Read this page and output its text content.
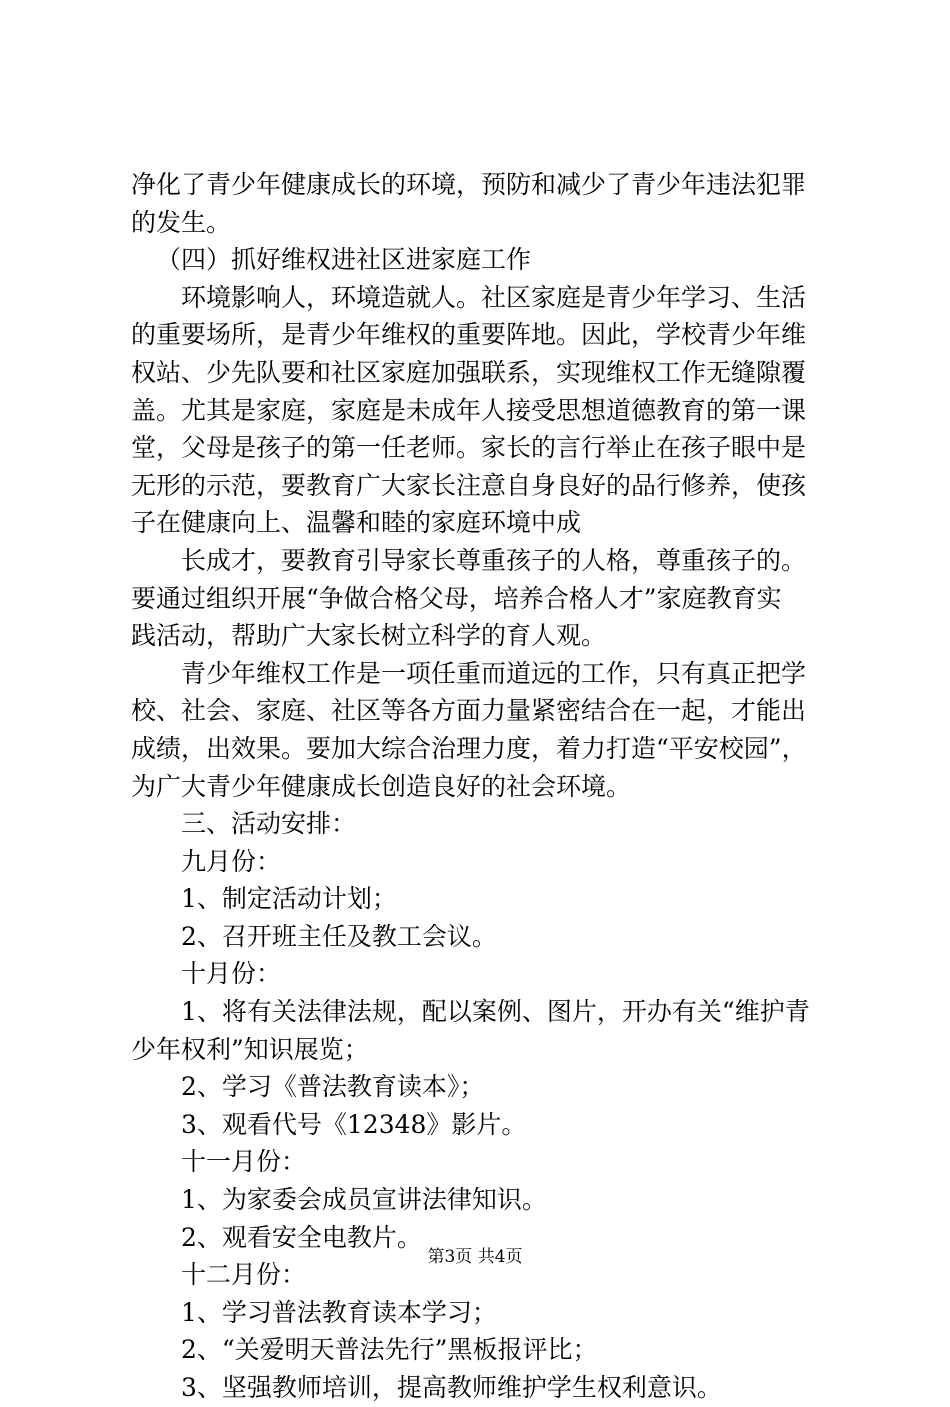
净化了青少年健康成长的环境，预防和减少了青少年违法犯罪
的发生。
（四）抓好维权进社区进家庭工作
环境影响人，环境造就人。社区家庭是青少年学习、生活
的重要场所，是青少年维权的重要阵地。因此，学校青少年维
权站、少先队要和社区家庭加强联系，实现维权工作无缝隙覆
盖。尤其是家庭，家庭是未成年人接受思想道德教育的第一课
堂，父母是孩子的第一任老师。家长的言行举止在孩子眼中是
无形的示范，要教育广大家长注意自身良好的品行修养，使孩
子在健康向上、温馨和睦的家庭环境中成
长成才，要教育引导家长尊重孩子的人格，尊重孩子的。
要通过组织开展“争做合格父母，培养合格人才”家庭教育实
践活动，帮助广大家长树立科学的育人观。
青少年维权工作是一项任重而道远的工作，只有真正把学
校、社会、家庭、社区等各方面力量紧密结合在一起，才能出
成绩，出效果。要加大综合治理力度，着力打造“平安校园”，
为广大青少年健康成长创造良好的社会环境。
三、活动安排：
九月份：
1、制定活动计划；
2、召开班主任及教工会议。
十月份：
1、将有关法律法规，配以案例、图片，开办有关“维护青
少年权利”知识展览；
2、学习《普法教育读本》；
3、观看代号《12348》影片。
十一月份：
1、为家委会成员宣讲法律知识。
2、观看安全电教片。
十二月份：
1、学习普法教育读本学习；
2、“关爱明天普法先行”黑板报评比；
3、坚强教师培训，提高教师维护学生权利意识。
第3页 共4页
